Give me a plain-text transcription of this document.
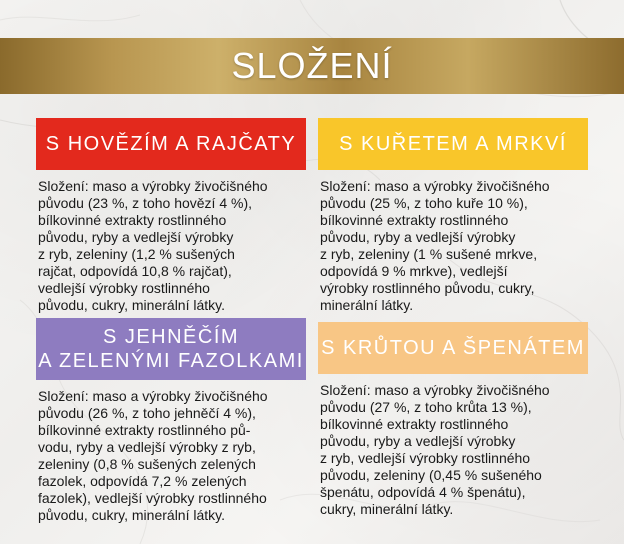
SLOŽENÍ
S HOVĚZÍM A RAJČATY
Složení: maso a výrobky živočišného
původu (23 %, z toho hovězí 4 %),
bílkovinné extrakty rostlinného
původu, ryby a vedlejší výrobky
z ryb, zeleniny (1,2 % sušených
rajčat, odpovídá 10,8 % rajčat),
vedlejší výrobky rostlinného
původu, cukry, minerální látky.
S KUŘETEM A MRKVÍ
Složení: maso a výrobky živočišného
původu (25 %, z toho kuře 10 %),
bílkovinné extrakty rostlinného
původu, ryby a vedlejší výrobky
z ryb, zeleniny (1 % sušené mrkve,
odpovídá 9 % mrkve), vedlejší
výrobky rostlinného původu, cukry,
minerální látky.
S JEHNĚČÍM
A ZELENÝMI FAZOLKAMI
Složení: maso a výrobky živočišného
původu (26 %, z toho jehněčí 4 %),
bílkovinné extrakty rostlinného pů-
vodu, ryby a vedlejší výrobky z ryb,
zeleniny (0,8 % sušených zelených
fazolek, odpovídá 7,2 % zelených
fazolek), vedlejší výrobky rostlinného
původu, cukry, minerální látky.
S KRŮTOU A ŠPENÁTEM
Složení: maso a výrobky živočišného
původu (27 %, z toho krůta 13 %),
bílkovinné extrakty rostlinného
původu, ryby a vedlejší výrobky
z ryb, vedlejší výrobky rostlinného
původu, zeleniny (0,45 % sušeného
špenátu, odpovídá 4 % špenátu),
cukry, minerální látky.
